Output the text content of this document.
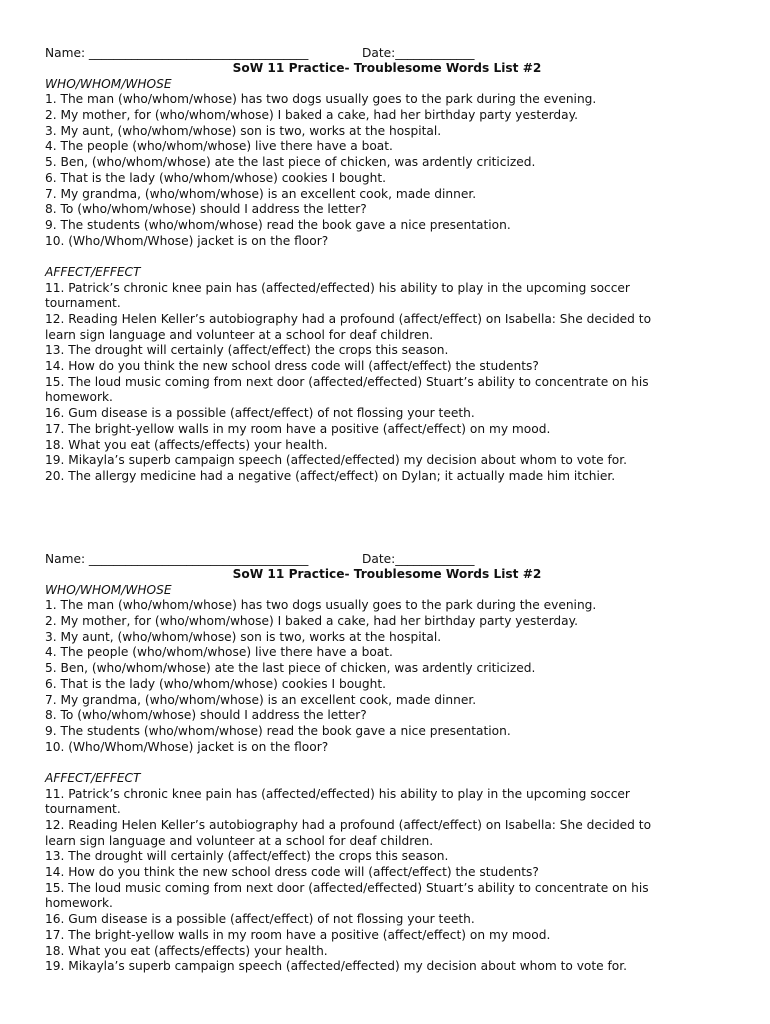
Name: ____________________________________	Date:_____________
SoW 11 Practice- Troublesome Words List #2
WHO/WHOM/WHOSE
1. The man (who/whom/whose) has two dogs usually goes to the park during the evening.
2. My mother, for (who/whom/whose) I baked a cake, had her birthday party yesterday.
3. My aunt, (who/whom/whose) son is two, works at the hospital.
4. The people (who/whom/whose) live there have a boat.
5. Ben, (who/whom/whose) ate the last piece of chicken, was ardently criticized.
6. That is the lady (who/whom/whose) cookies I bought.
7. My grandma, (who/whom/whose) is an excellent cook, made dinner.
8. To (who/whom/whose) should I address the letter?
9. The students (who/whom/whose) read the book gave a nice presentation.
10. (Who/Whom/Whose) jacket is on the floor?
AFFECT/EFFECT
11. Patrick’s chronic knee pain has (affected/effected) his ability to play in the upcoming soccer
tournament.
12. Reading Helen Keller’s autobiography had a profound (affect/effect) on Isabella: She decided to
learn sign language and volunteer at a school for deaf children.
13. The drought will certainly (affect/effect) the crops this season.
14. How do you think the new school dress code will (affect/effect) the students?
15. The loud music coming from next door (affected/effected) Stuart’s ability to concentrate on his
homework.
16. Gum disease is a possible (affect/effect) of not flossing your teeth.
17. The bright-yellow walls in my room have a positive (affect/effect) on my mood.
18. What you eat (affects/effects) your health.
19. Mikayla’s superb campaign speech (affected/effected) my decision about whom to vote for.
20. The allergy medicine had a negative (affect/effect) on Dylan; it actually made him itchier.
Name: ____________________________________	Date:_____________
SoW 11 Practice- Troublesome Words List #2
WHO/WHOM/WHOSE
1. The man (who/whom/whose) has two dogs usually goes to the park during the evening.
2. My mother, for (who/whom/whose) I baked a cake, had her birthday party yesterday.
3. My aunt, (who/whom/whose) son is two, works at the hospital.
4. The people (who/whom/whose) live there have a boat.
5. Ben, (who/whom/whose) ate the last piece of chicken, was ardently criticized.
6. That is the lady (who/whom/whose) cookies I bought.
7. My grandma, (who/whom/whose) is an excellent cook, made dinner.
8. To (who/whom/whose) should I address the letter?
9. The students (who/whom/whose) read the book gave a nice presentation.
10. (Who/Whom/Whose) jacket is on the floor?
AFFECT/EFFECT
11. Patrick’s chronic knee pain has (affected/effected) his ability to play in the upcoming soccer
tournament.
12. Reading Helen Keller’s autobiography had a profound (affect/effect) on Isabella: She decided to
learn sign language and volunteer at a school for deaf children.
13. The drought will certainly (affect/effect) the crops this season.
14. How do you think the new school dress code will (affect/effect) the students?
15. The loud music coming from next door (affected/effected) Stuart’s ability to concentrate on his
homework.
16. Gum disease is a possible (affect/effect) of not flossing your teeth.
17. The bright-yellow walls in my room have a positive (affect/effect) on my mood.
18. What you eat (affects/effects) your health.
19. Mikayla’s superb campaign speech (affected/effected) my decision about whom to vote for.
